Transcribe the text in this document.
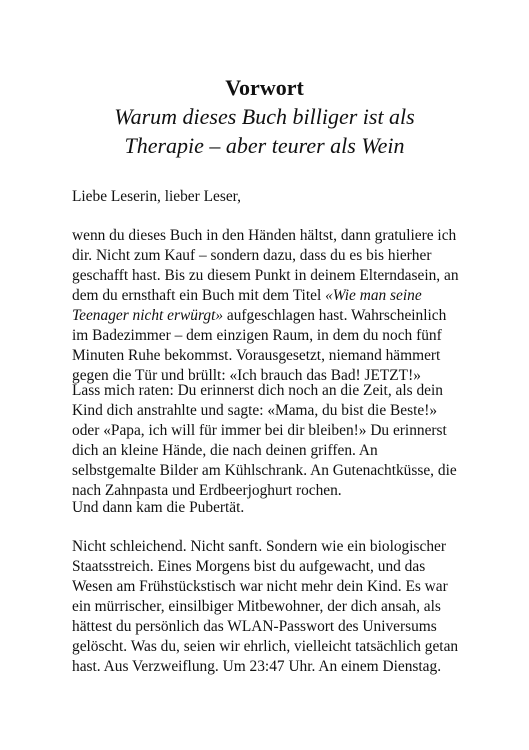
Vorwort
Warum dieses Buch billiger ist als
Therapie – aber teurer als Wein

Liebe Leserin, lieber Leser,

wenn du dieses Buch in den Händen hältst, dann gratuliere ich dir. Nicht zum Kauf – sondern dazu, dass du es bis hierher geschafft hast. Bis zu diesem Punkt in deinem Elterndasein, an dem du ernsthaft ein Buch mit dem Titel «Wie man seine Teenager nicht erwürgt» aufgeschlagen hast. Wahrscheinlich im Badezimmer – dem einzigen Raum, in dem du noch fünf Minuten Ruhe bekommst. Vorausgesetzt, niemand hämmert gegen die Tür und brüllt: «Ich brauch das Bad! JETZT!»

Lass mich raten: Du erinnerst dich noch an die Zeit, als dein Kind dich anstrahlte und sagte: «Mama, du bist die Beste!» oder «Papa, ich will für immer bei dir bleiben!» Du erinnerst dich an kleine Hände, die nach deinen griffen. An selbstgemalte Bilder am Kühlschrank. An Gutenachtküsse, die nach Zahnpasta und Erdbeerjoghurt rochen.

Und dann kam die Pubertät.

Nicht schleichend. Nicht sanft. Sondern wie ein biologischer Staatsstreich. Eines Morgens bist du aufgewacht, und das Wesen am Frühstückstisch war nicht mehr dein Kind. Es war ein mürrischer, einsilbiger Mitbewohner, der dich ansah, als hättest du persönlich das WLAN-Passwort des Universums gelöscht. Was du, seien wir ehrlich, vielleicht tatsächlich getan hast. Aus Verzweiflung. Um 23:47 Uhr. An einem Dienstag.
